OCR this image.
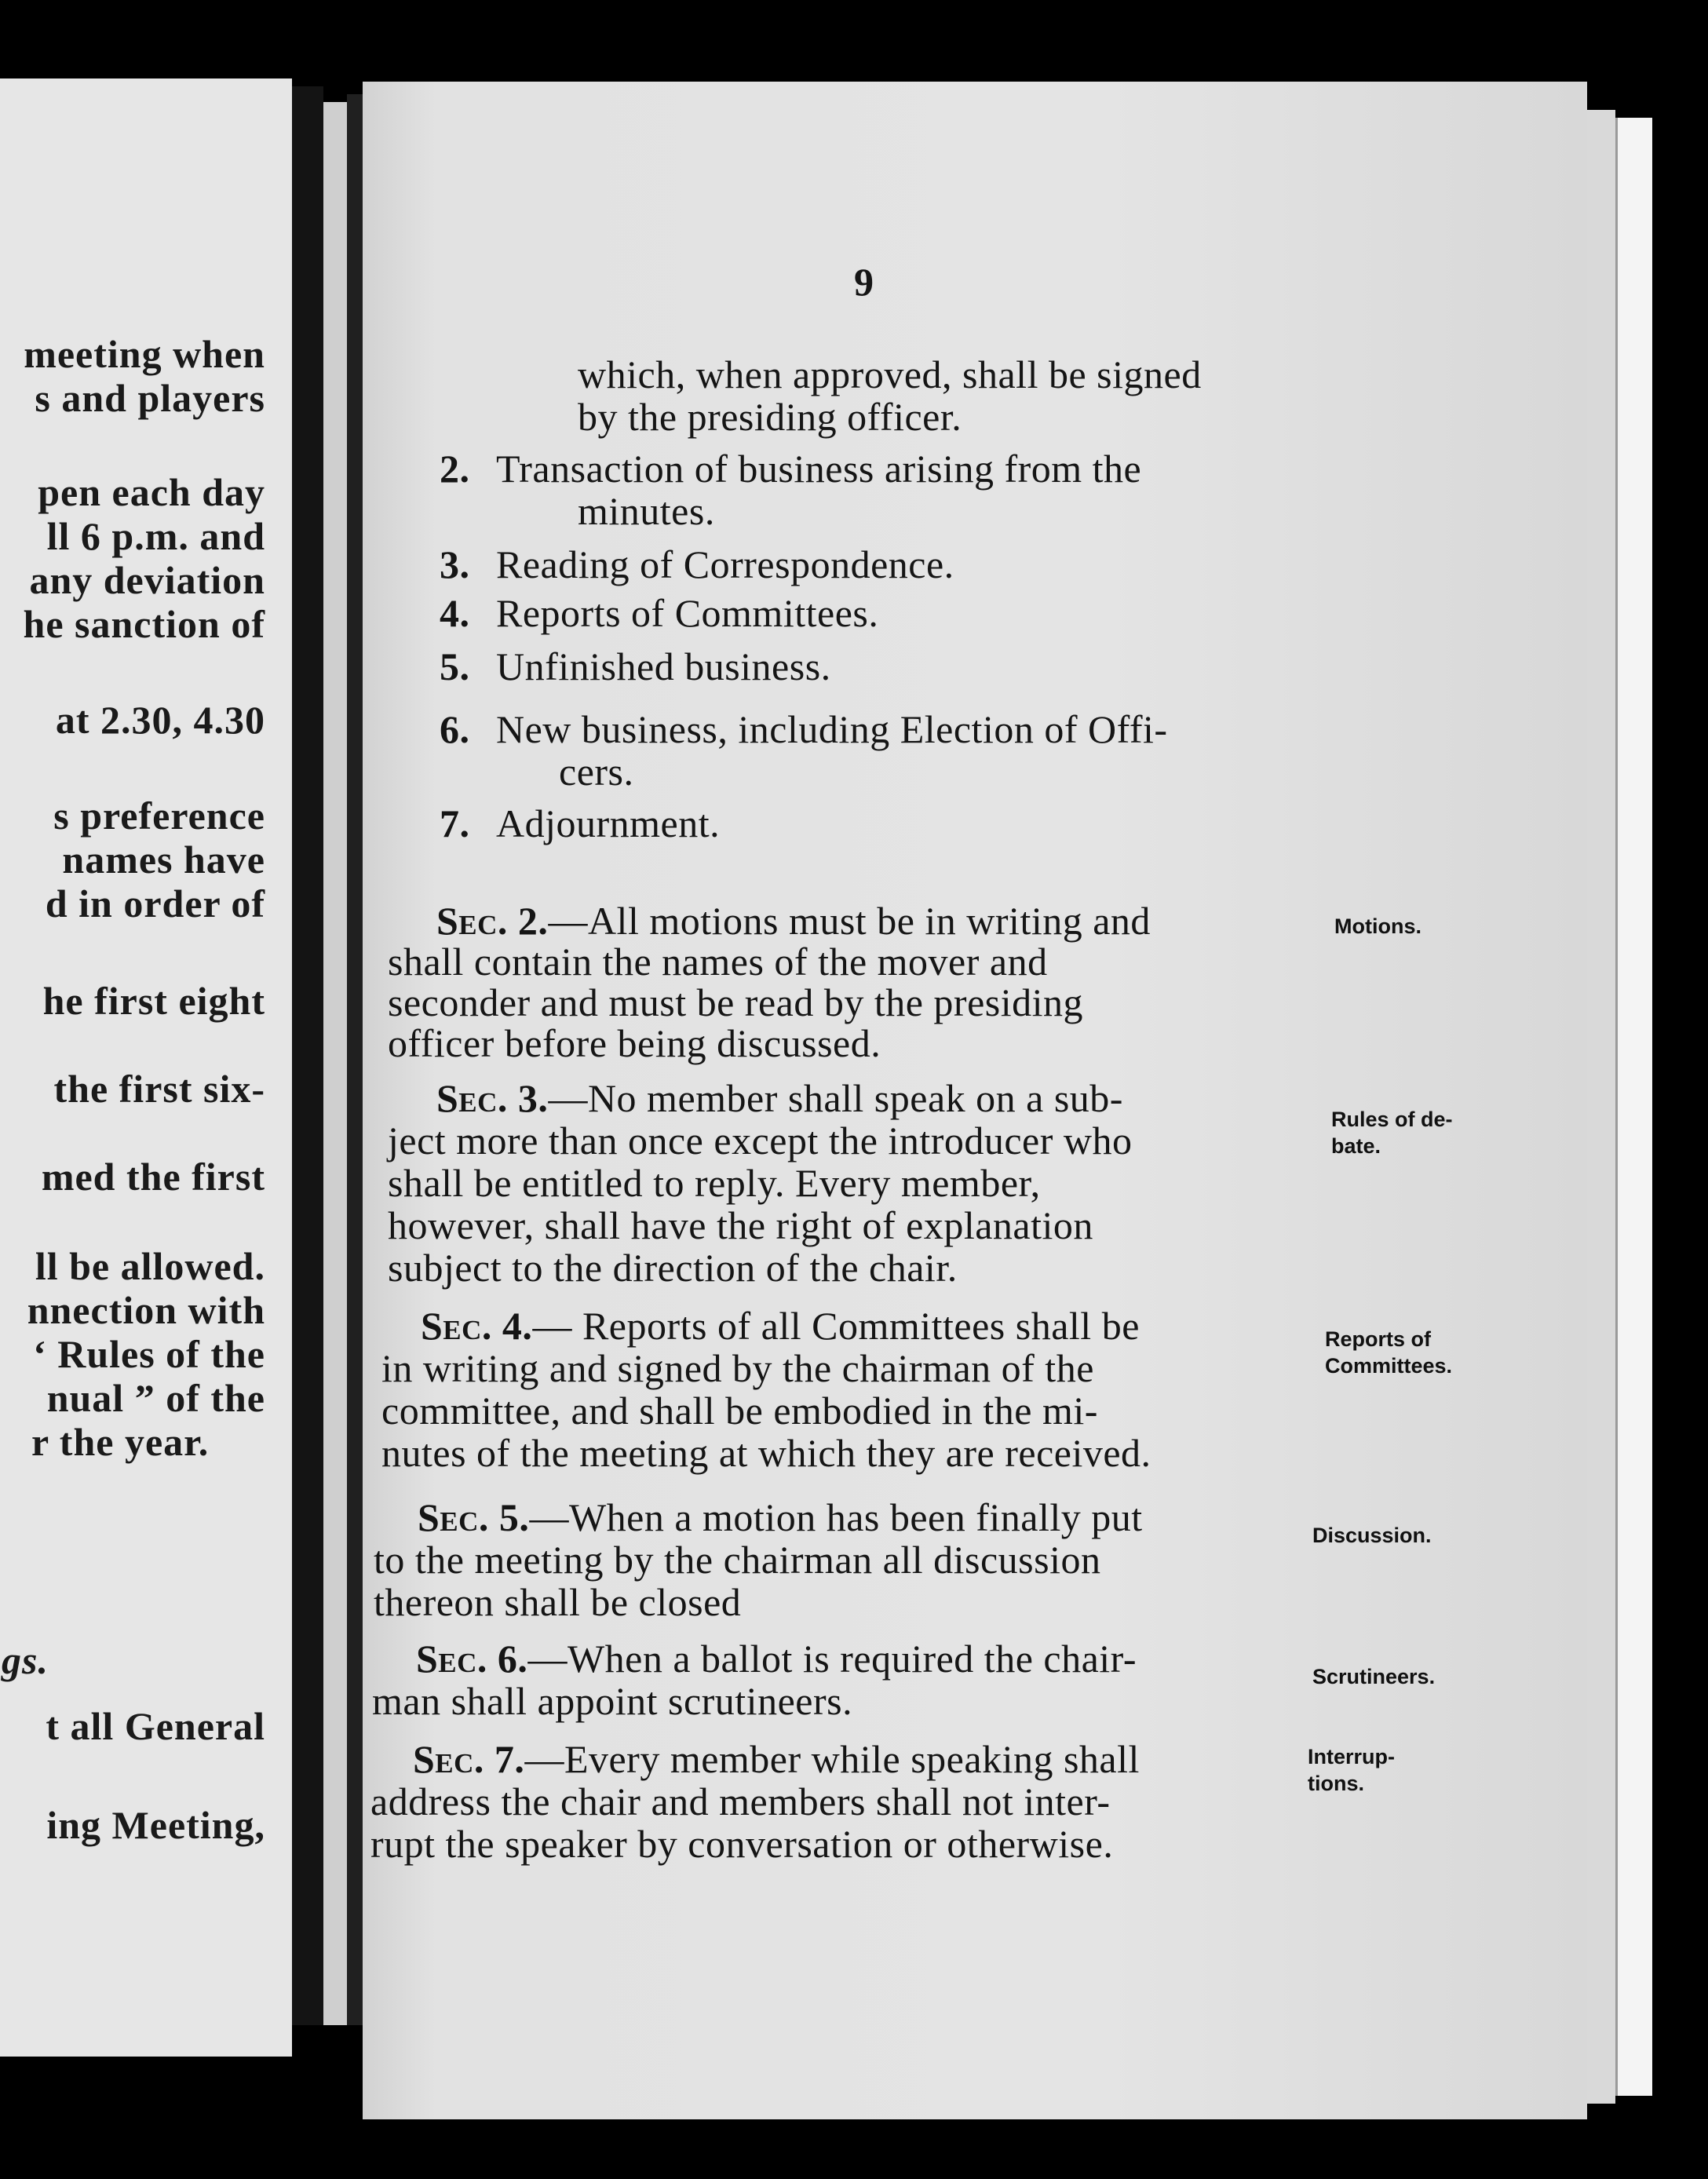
meeting when
s and players
pen each day
ll 6 p.m. and
any deviation
he sanction of
at 2.30, 4.30
s preference
names have
d in order of
he first eight
the first six-
med the first
ll be allowed.
nnection with
‘ Rules of the
nual ” of the
r the year.
gs.
t all General
ing Meeting,
9
which, when approved, shall be signed
by the presiding officer.
2. Transaction of business arising from the
minutes.
3. Reading of Correspondence.
4. Reports of Committees.
5. Unfinished business.
6. New business, including Election of Offi-
cers.
7. Adjournment.
Sec. 2.—All motions must be in writing and
shall contain the names of the mover and
seconder and must be read by the presiding
officer before being discussed.
Motions.
Sec. 3.—No member shall speak on a sub-
ject more than once except the introducer who
shall be entitled to reply. Every member,
however, shall have the right of explanation
subject to the direction of the chair.
Rules of de-
bate.
Sec. 4.— Reports of all Committees shall be
in writing and signed by the chairman of the
committee, and shall be embodied in the mi-
nutes of the meeting at which they are received.
Reports of
Committees.
Sec. 5.—When a motion has been finally put
to the meeting by the chairman all discussion
thereon shall be closed
Discussion.
Sec. 6.—When a ballot is required the chair-
man shall appoint scrutineers.
Scrutineers.
Sec. 7.—Every member while speaking shall
address the chair and members shall not inter-
rupt the speaker by conversation or otherwise.
Interrup-
tions.
